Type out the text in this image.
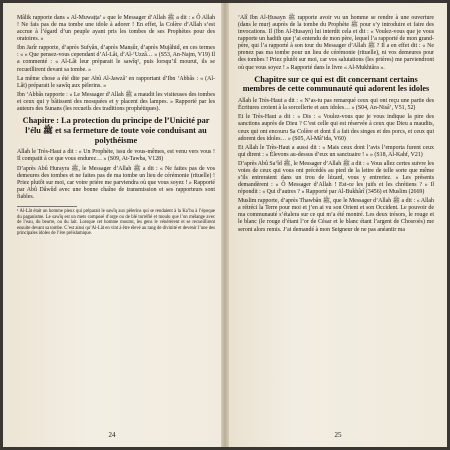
Mâlik rapporte dans « Al-Muwaṭṭa’ » que le Messager d’Allah ﷺ a dit : « Ô Allah ! Ne fais pas de ma tombe une idole à adorer ! En effet, la Colère d’Allah s’est accrue à l’égard d’un peuple ayant pris les tombes de ses Prophètes pour des oratoires. »

Ibn Jarîr rapporte, d’après Sufyân, d’après Manṣûr, d’après Mujâhid, en ces termes : « « Que pensez-vous cependant d’Al-Lât, d’Al-‘Uzzâ… » (S53, An-Najm, V19) Il a commenté : « Al-Lât leur préparait le sawîq¹, puis lorsqu’il mourut, ils se recueillirent devant sa tombe. »

La même chose a été dite par Abû Al-Jawzâ’ en rapportant d’Ibn ‘Abbâs : « (Al-Lât) préparait le sawîq aux pèlerins. »

Ibn ‘Abbâs rapporte : « Le Messager d’Allah ﷺ a maudit les visiteuses des tombes et ceux qui y bâtissent des mosquées et y placent des lampes. » Rapporté par les auteurs des Sunans (les recueils des traditions prophétiques).

Chapitre : La protection du principe de l’Unicité par l’élu ﷺ et sa fermeture de toute voie conduisant au polythéisme

Allah le Très-Haut a dit : « Un Prophète, issu de vous-mêmes, est venu vers vous ! Il compatit à ce que vous endurez… » (S09, At-Tawba, V128)

D’après Abû Hurayra ﷺ, le Messager d’Allah ﷺ a dit : « Ne faites pas de vos demeures des tombes et ne faites pas de ma tombe un lieu de cérémonie (rituelle) ! Priez plutôt sur moi, car votre prière me parviendra où que vous soyez ! » Rapporté par Abû Dâwûd avec une bonne chaîne de transmission et ses rapporteurs sont fiables.

¹ Al-Lât était un homme pieux qui préparait le sawîq aux pèlerins qui se rendaient à la Ka’ba à l’époque du paganisme. Le sawîq est un mets composé d’orge ou de blé torréfié et moulu que l’on mélange avec de l’eau, du beurre, ou du lait. Lorsque cet homme mourut, les gens le vénérèrent et se recueillirent ensuite devant sa tombe. C’est ainsi qu’Al-Lât en vint à être élevé au rang de divinité et devenir l’une des principales idoles de l’ère préislamique.

24

‘Alî Ibn Al-Ḥusayn ﷺ rapporte avoir vu un homme se rendre à une ouverture (dans le mur) auprès de la tombe du Prophète ﷺ pour s’y introduire et faire des invocations. Il (Ibn Al-Ḥusayn) lui interdit cela et dit : « Voulez-vous que je vous rapporte un hadith que j’ai entendu de mon père, lequel l’a rapporté de mon grand-père, qui l’a rapporté à son tour du Messager d’Allah ﷺ ? Il a en effet dit : « Ne prenez pas ma tombe pour un lieu de cérémonie (rituelle), ni vos demeures pour des tombes ! Priez plutôt sur moi, car vos salutations (les prières) me parviendront où que vous soyez ! » Rapporté dans le livre « Al-Mukhtâra ».

Chapitre sur ce qui est dit concernant certains membres de cette communauté qui adorent les idoles

Allah le Très-Haut a dit : « N’as-tu pas remarqué ceux qui ont reçu une partie des Écritures croient à la sorcellerie et aux idoles… » (S04, An-Nisâ’, V51, 52)

Et le Très-Haut a dit : « Dis : « Voulez-vous que je vous indique la pire des sanctions auprès de Dieu ? C’est celle qui est réservée à ceux que Dieu a maudits, ceux qui ont encouru Sa Colère et dont il a fait des singes et des porcs, et ceux qui adorent des idoles… » (S05, Al-Mâ’ida, V60)

Et Allah le Très-Haut a aussi dit : « Mais ceux dont l’avis l’emporta furent ceux qui dirent : « Élevons au-dessus d’eux un sanctuaire ! » » (S18, Al-Kahf, V21)

D’après Abû Sa‘îd ﷺ, le Messager d’Allah ﷺ a dit : « Vous allez certes suivre les voies de ceux qui vous ont précédés au pied de la lettre de telle sorte que même s’ils entreraient dans un trou de lézard, vous y entreriez. » Les présents demandèrent : « Ô Messager d’Allah ! Est-ce les juifs et les chrétiens ? » Il répondit : « Qui d’autres ? » Rapporté par Al-Bukhârî (3456) et Muslim (2669)

Muslim rapporte, d’après Thawbân ﷺ, que le Messager d’Allah ﷺ a dit : « Allah a rétréci la Terre pour moi et j’en ai vu son Orient et son Occident. Le pouvoir de ma communauté s’étalera sur ce qui m’a été montré. Les deux trésors, le rouge et le blanc (le rouge d’étant l’or de César et le blanc étant l’argent de Chosroès) me seront alors remis. J’ai demandé à mon Seigneur de ne pas anéantir ma

25
